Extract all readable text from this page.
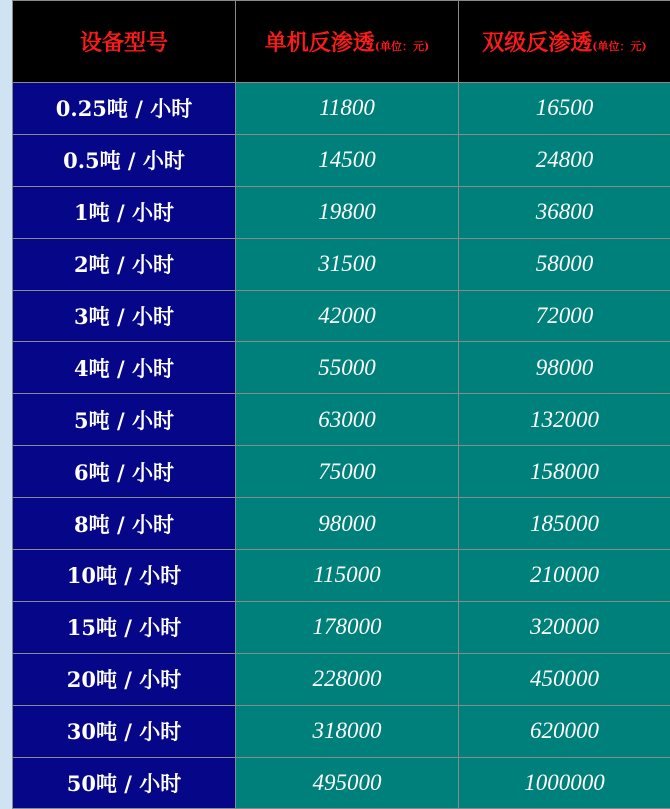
设备型号	单机反渗透(单位：元)	双级反渗透(单位：元)
0.25吨 / 小时	11800	16500
0.5吨 / 小时	14500	24800
1吨 / 小时	19800	36800
2吨 / 小时	31500	58000
3吨 / 小时	42000	72000
4吨 / 小时	55000	98000
5吨 / 小时	63000	132000
6吨 / 小时	75000	158000
8吨 / 小时	98000	185000
10吨 / 小时	115000	210000
15吨 / 小时	178000	320000
20吨 / 小时	228000	450000
30吨 / 小时	318000	620000
50吨 / 小时	495000	1000000
